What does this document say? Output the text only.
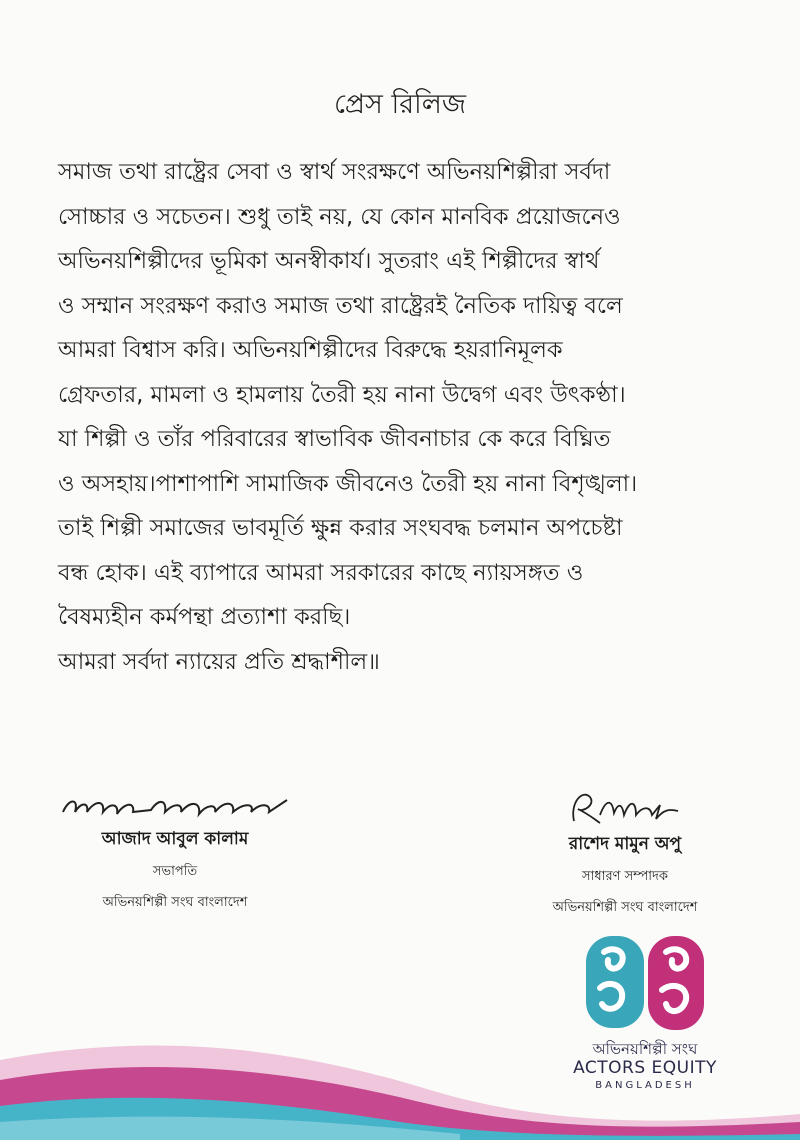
প্রেস রিলিজ
সমাজ তথা রাষ্ট্রের সেবা ও স্বার্থ সংরক্ষণে অভিনয়শিল্পীরা সর্বদা
সোচ্চার ও সচেতন। শুধু তাই নয়, যে কোন মানবিক প্রয়োজনেও
অভিনয়শিল্পীদের ভূমিকা অনস্বীকার্য। সুতরাং এই শিল্পীদের স্বার্থ
ও সম্মান সংরক্ষণ করাও সমাজ তথা রাষ্ট্রেরই নৈতিক দায়িত্ব বলে
আমরা বিশ্বাস করি। অভিনয়শিল্পীদের বিরুদ্ধে হয়রানিমূলক
গ্রেফতার, মামলা ও হামলায় তৈরী হয় নানা উদ্বেগ এবং উৎকণ্ঠা।
যা শিল্পী ও তাঁর পরিবারের স্বাভাবিক জীবনাচার কে করে বিঘ্নিত
ও অসহায়।পাশাপাশি সামাজিক জীবনেও তৈরী হয় নানা বিশৃঙ্খলা।
তাই শিল্পী সমাজের ভাবমূর্তি ক্ষুন্ন করার সংঘবদ্ধ চলমান অপচেষ্টা
বন্ধ হোক। এই ব্যাপারে আমরা সরকারের কাছে ন্যায়সঙ্গত ও
বৈষম্যহীন কর্মপন্থা প্রত্যাশা করছি।
আমরা সর্বদা ন্যায়ের প্রতি শ্রদ্ধাশীল॥
আজাদ আবুল কালাম
সভাপতি
অভিনয়শিল্পী সংঘ বাংলাদেশ
রাশেদ মামুন অপু
সাধারণ সম্পাদক
অভিনয়শিল্পী সংঘ বাংলাদেশ
অভিনয়শিল্পী সংঘ
ACTORS EQUITY
BANGLADESH
